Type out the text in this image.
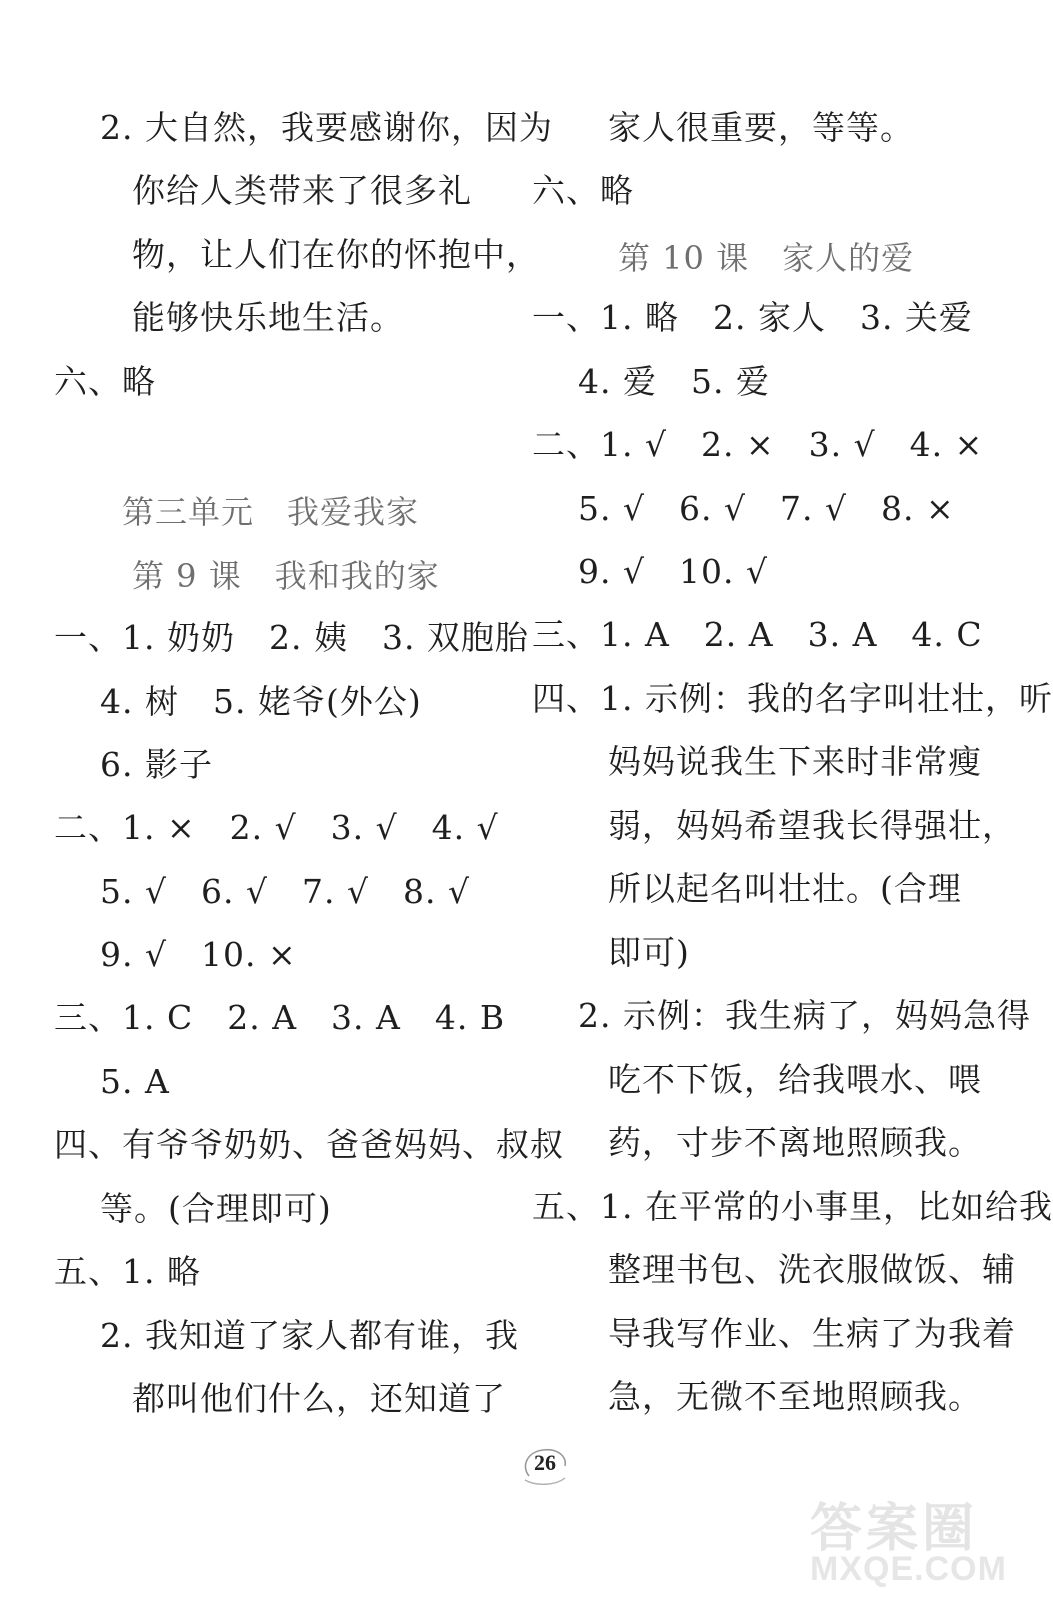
2. 大自然，我要感谢你，因为
你给人类带来了很多礼
物，让人们在你的怀抱中，
能够快乐地生活。
六、略
第三单元　我爱我家
第 9 课　我和我的家
一、1. 奶奶　2. 姨　3. 双胞胎
4. 树　5. 姥爷(外公)
6. 影子
二、1. ×　2. √　3. √　4. √
5. √　6. √　7. √　8. √
9. √　10. ×
三、1. C　2. A　3. A　4. B
5. A
四、有爷爷奶奶、爸爸妈妈、叔叔
等。(合理即可)
五、1. 略
2. 我知道了家人都有谁，我
都叫他们什么，还知道了
家人很重要，等等。
六、略
第 10 课　家人的爱
一、1. 略　2. 家人　3. 关爱
4. 爱　5. 爱
二、1. √　2. ×　3. √　4. ×
5. √　6. √　7. √　8. ×
9. √　10. √
三、1. A　2. A　3. A　4. C
四、1. 示例：我的名字叫壮壮，听
妈妈说我生下来时非常瘦
弱，妈妈希望我长得强壮，
所以起名叫壮壮。(合理
即可)
2. 示例：我生病了，妈妈急得
吃不下饭，给我喂水、喂
药，寸步不离地照顾我。
五、1. 在平常的小事里，比如给我
整理书包、洗衣服做饭、辅
导我写作业、生病了为我着
急，无微不至地照顾我。
26
答案圈
MXQE.COM
